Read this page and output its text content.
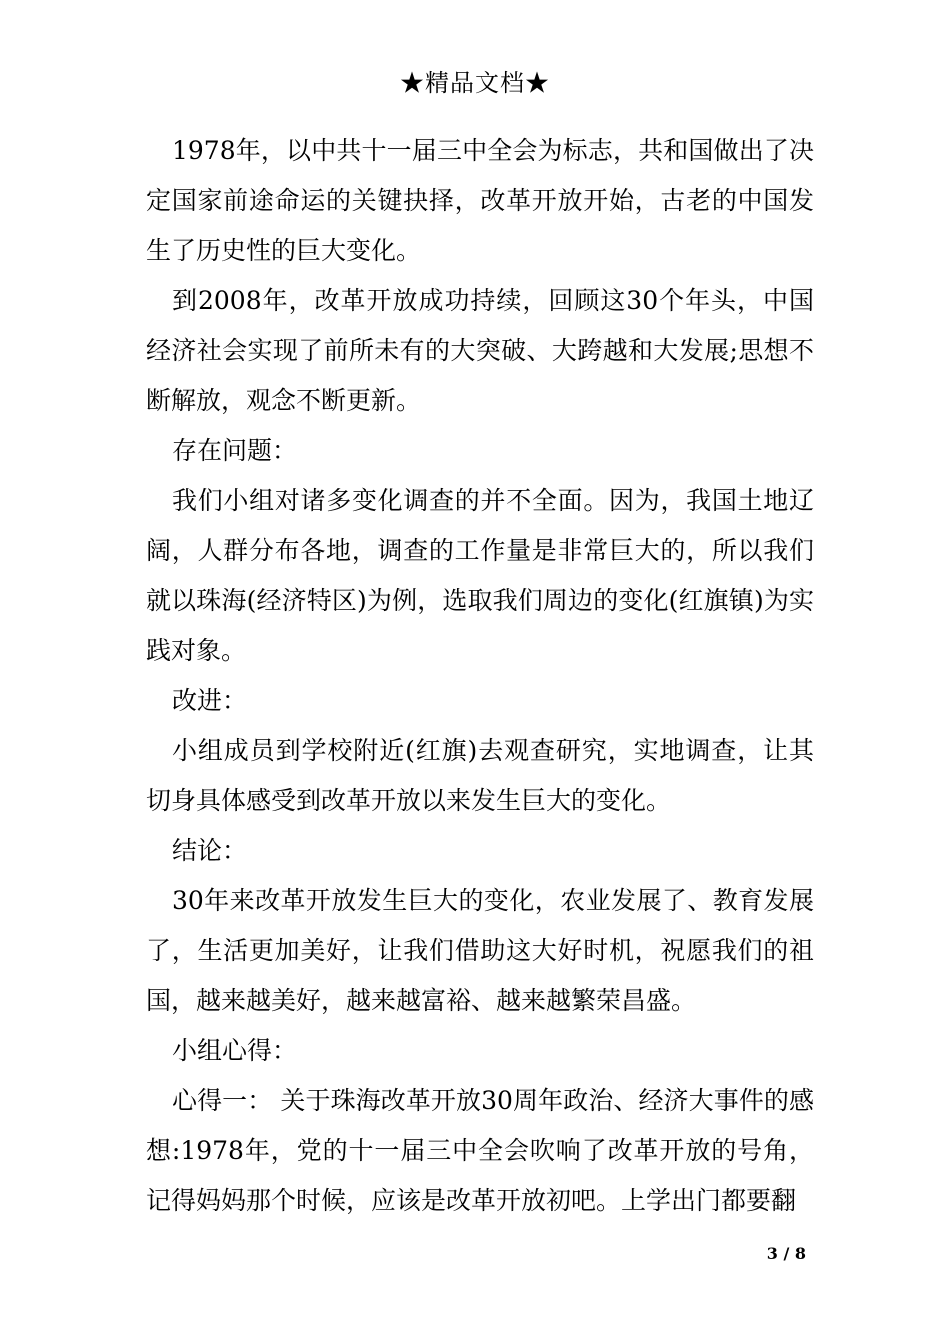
★精品文档★

1978年，以中共十一届三中全会为标志，共和国做出了决定国家前途命运的关键抉择，改革开放开始，古老的中国发生了历史性的巨大变化。

到2008年，改革开放成功持续，回顾这30个年头，中国经济社会实现了前所未有的大突破、大跨越和大发展;思想不断解放，观念不断更新。

存在问题：

我们小组对诸多变化调查的并不全面。因为，我国土地辽阔，人群分布各地，调查的工作量是非常巨大的，所以我们就以珠海(经济特区)为例，选取我们周边的变化(红旗镇)为实践对象。

改进：

小组成员到学校附近(红旗)去观查研究，实地调查，让其切身具体感受到改革开放以来发生巨大的变化。

结论：

30年来改革开放发生巨大的变化，农业发展了、教育发展了，生活更加美好，让我们借助这大好时机，祝愿我们的祖国，越来越美好，越来越富裕、越来越繁荣昌盛。

小组心得：

心得一： 关于珠海改革开放30周年政治、经济大事件的感想:1978年，党的十一届三中全会吹响了改革开放的号角，记得妈妈那个时候，应该是改革开放初吧。上学出门都要翻

3 / 8
